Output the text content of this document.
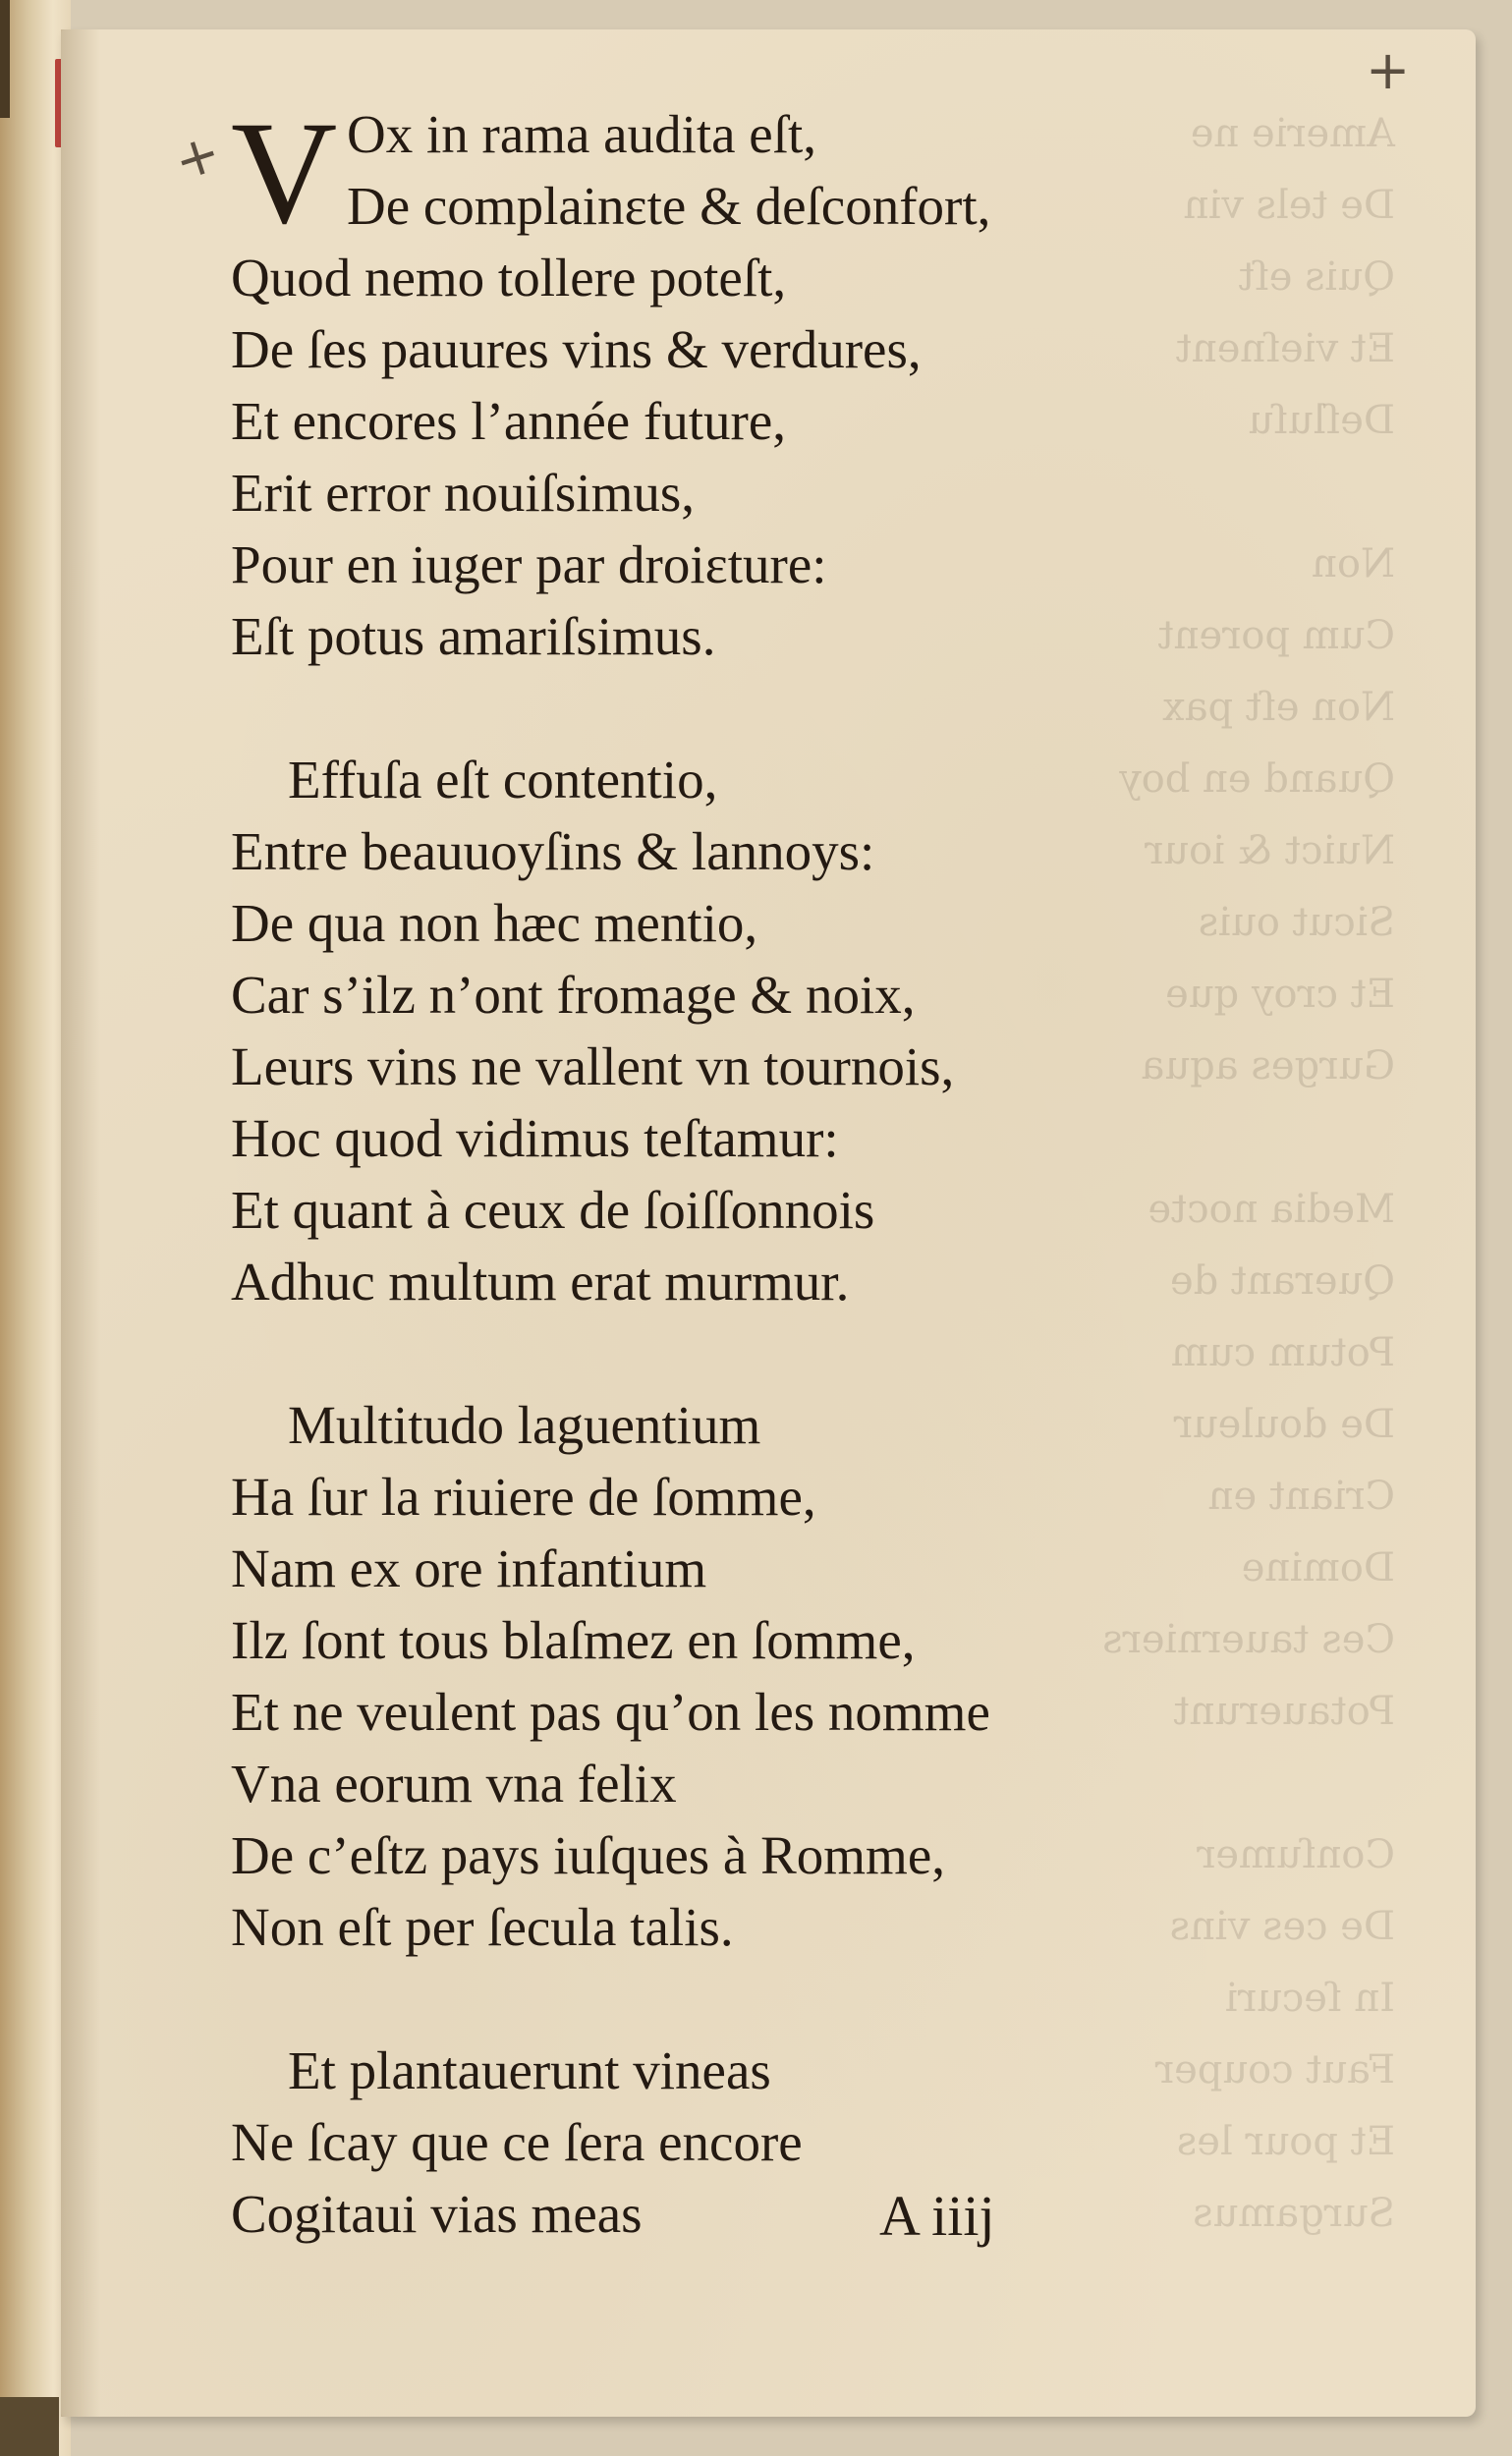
+
+
V Ox in rama audita eſt,
De complainɛte & deſconfort,
Quod nemo tollere poteſt,
De ſes pauures vins & verdures,
Et encores l’année future,
Erit error nouiſsimus,
Pour en iuger par droiɛture:
Eſt potus amariſsimus.
Effuſa eſt contentio,
Entre beauuoyſins & lannoys:
De qua non hæc mentio,
Car s’ilz n’ont fromage & noix,
Leurs vins ne vallent vn tournois,
Hoc quod vidimus teſtamur:
Et quant à ceux de ſoiſſonnois
Adhuc multum erat murmur.
Multitudo laguentium
Ha ſur la riuiere de ſomme,
Nam ex ore infantium
Ilz ſont tous blaſmez en ſomme,
Et ne veulent pas qu’on les nomme
Vna eorum vna felix
De c’eſtz pays iuſques à Romme,
Non eſt per ſecula talis.
Et plantauerunt vineas
Ne ſcay que ce ſera encore
Cogitaui vias meas	A iiij
